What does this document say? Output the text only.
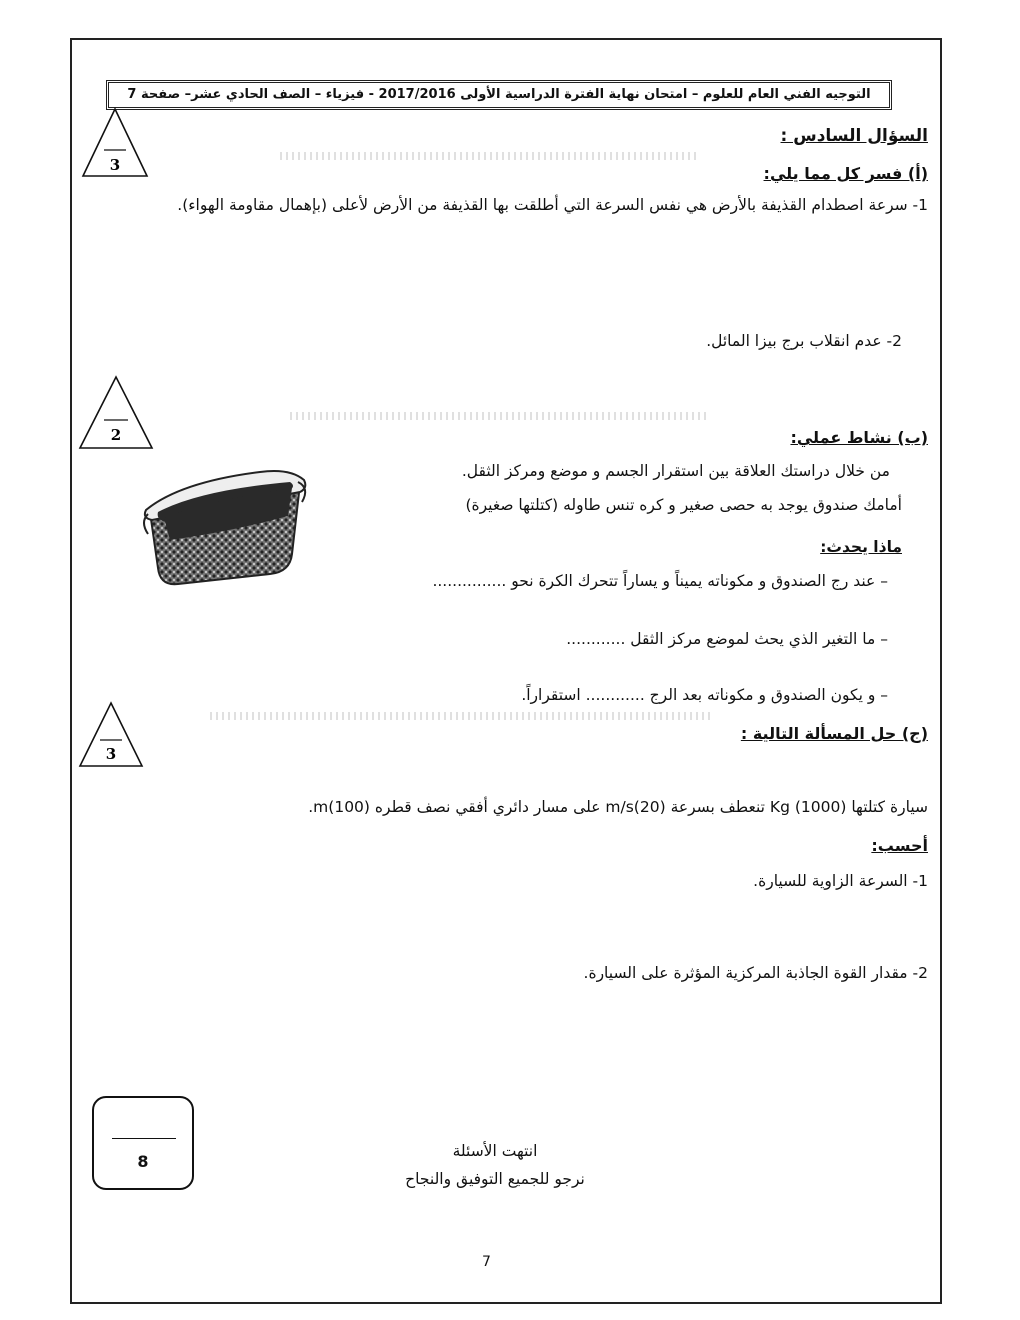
التوجيه الفني العام للعلوم – امتحان نهاية الفترة الدراسية الأولى 2017/2016 - فيزياء – الصف الحادي عشر– صفحة 7
3
2
3
السؤال السادس :
(أ) فسر كل مما يلي:
1- سرعة اصطدام القذيفة بالأرض هي نفس السرعة التي أطلقت بها القذيفة من الأرض لأعلى (بإهمال مقاومة الهواء).
2- عدم انقلاب برج بيزا المائل.
(ب) نشاط عملي:
من خلال دراستك العلاقة بين استقرار الجسم و موضع ومركز الثقل.
أمامك صندوق يوجد به حصى صغير و كره تنس طاوله (كتلتها صغيرة)
ماذا يحدث:
– عند رج الصندوق و مكوناته يميناً و يساراً تتحرك الكرة نحو ...............
– ما التغير الذي يحث لموضع مركز الثقل ............
– و يكون الصندوق و مكوناته بعد الرج ............ استقراراً.
(ج) حل المسألة التالية :
سيارة كتلتها (1000) Kg تنعطف بسرعة (20)m/s على مسار دائري أفقي نصف قطره (100)m.
أحسب:
1- السرعة الزاوية للسيارة.
2- مقدار القوة الجاذبة المركزية المؤثرة على السيارة.
8
انتهت الأسئلة
نرجو للجميع التوفيق والنجاح
7
